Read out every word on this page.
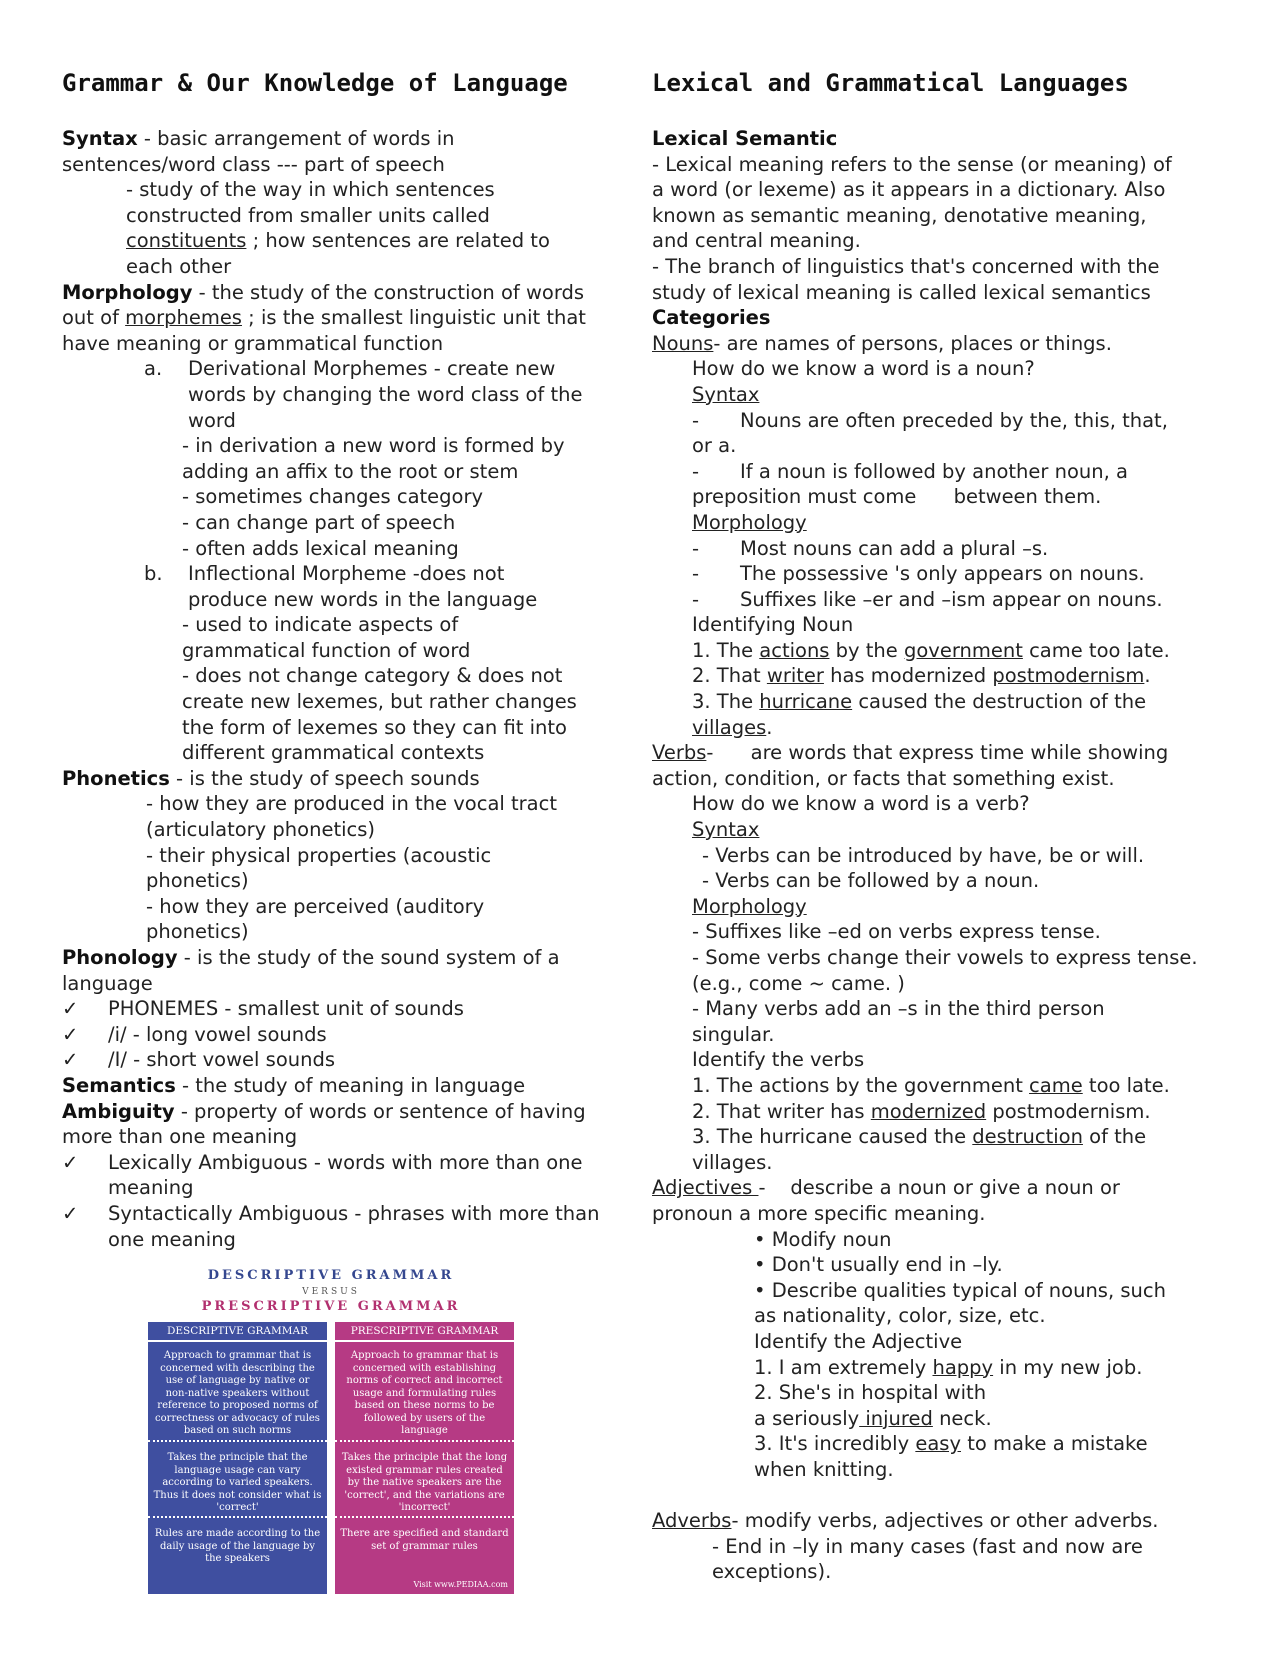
Grammar & Our Knowledge of Language
Syntax - basic arrangement of words in
sentences/word class --- part of speech
- study of the way in which sentences
constructed from smaller units called
constituents ; how sentences are related to
each other
Morphology - the study of the construction of words
out of morphemes ; is the smallest linguistic unit that
have meaning or grammatical function
a. Derivational Morphemes - create new
words by changing the word class of the
word
- in derivation a new word is formed by
adding an affix to the root or stem
- sometimes changes category
- can change part of speech
- often adds lexical meaning
b. Inflectional Morpheme -does not
produce new words in the language
- used to indicate aspects of
grammatical function of word
- does not change category & does not
create new lexemes, but rather changes
the form of lexemes so they can fit into
different grammatical contexts
Phonetics - is the study of speech sounds
- how they are produced in the vocal tract
(articulatory phonetics)
- their physical properties (acoustic
phonetics)
- how they are perceived (auditory
phonetics)
Phonology - is the study of the sound system of a
language
✓ PHONEMES - smallest unit of sounds
✓ /i/ - long vowel sounds
✓ /I/ - short vowel sounds
Semantics - the study of meaning in language
Ambiguity - property of words or sentence of having
more than one meaning
✓ Lexically Ambiguous - words with more than one
meaning
✓ Syntactically Ambiguous - phrases with more than
one meaning
DESCRIPTIVE GRAMMAR
VERSUS
PRESCRIPTIVE GRAMMAR
DESCRIPTIVE GRAMMAR	PRESCRIPTIVE GRAMMAR
Approach to grammar that is concerned with describing the use of language by native or non-native speakers without reference to proposed norms of correctness or advocacy of rules based on such norms
Approach to grammar that is concerned with establishing norms of correct and incorrect usage and formulating rules based on these norms to be followed by users of the language
Takes the principle that the language usage can vary according to varied speakers. Thus it does not consider what is 'correct'
Takes the principle that the long existed grammar rules created by the native speakers are the 'correct', and the variations are 'incorrect'
Rules are made according to the daily usage of the language by the speakers
There are specified and standard set of grammar rules
Visit www.PEDIAA.com
Lexical and Grammatical Languages
Lexical Semantic
- Lexical meaning refers to the sense (or meaning) of
a word (or lexeme) as it appears in a dictionary. Also
known as semantic meaning, denotative meaning,
and central meaning.
- The branch of linguistics that's concerned with the
study of lexical meaning is called lexical semantics
Categories
Nouns- are names of persons, places or things.
How do we know a word is a noun?
Syntax
- Nouns are often preceded by the, this, that,
or a.
- If a noun is followed by another noun, a
preposition must come      between them.
Morphology
- Most nouns can add a plural –s.
- The possessive 's only appears on nouns.
- Suffixes like –er and –ism appear on nouns.
Identifying Noun
1. The actions by the government came too late.
2. That writer has modernized postmodernism.
3. The hurricane caused the destruction of the
villages.
Verbs-      are words that express time while showing
action, condition, or facts that something exist.
How do we know a word is a verb?
Syntax
- Verbs can be introduced by have, be or will.
- Verbs can be followed by a noun.
Morphology
- Suffixes like –ed on verbs express tense.
- Some verbs change their vowels to express tense.
(e.g., come ~ came. )
- Many verbs add an –s in the third person
singular.
Identify the verbs
1. The actions by the government came too late.
2. That writer has modernized postmodernism.
3. The hurricane caused the destruction of the
villages.
Adjectives -    describe a noun or give a noun or
pronoun a more specific meaning.
• Modify noun
• Don't usually end in –ly.
• Describe qualities typical of nouns, such
as nationality, color, size, etc.
Identify the Adjective
1. I am extremely happy in my new job.
2. She's in hospital with
a seriously injured neck.
3. It's incredibly easy to make a mistake
when knitting.
Adverbs- modify verbs, adjectives or other adverbs.
- End in –ly in many cases (fast and now are
exceptions).
